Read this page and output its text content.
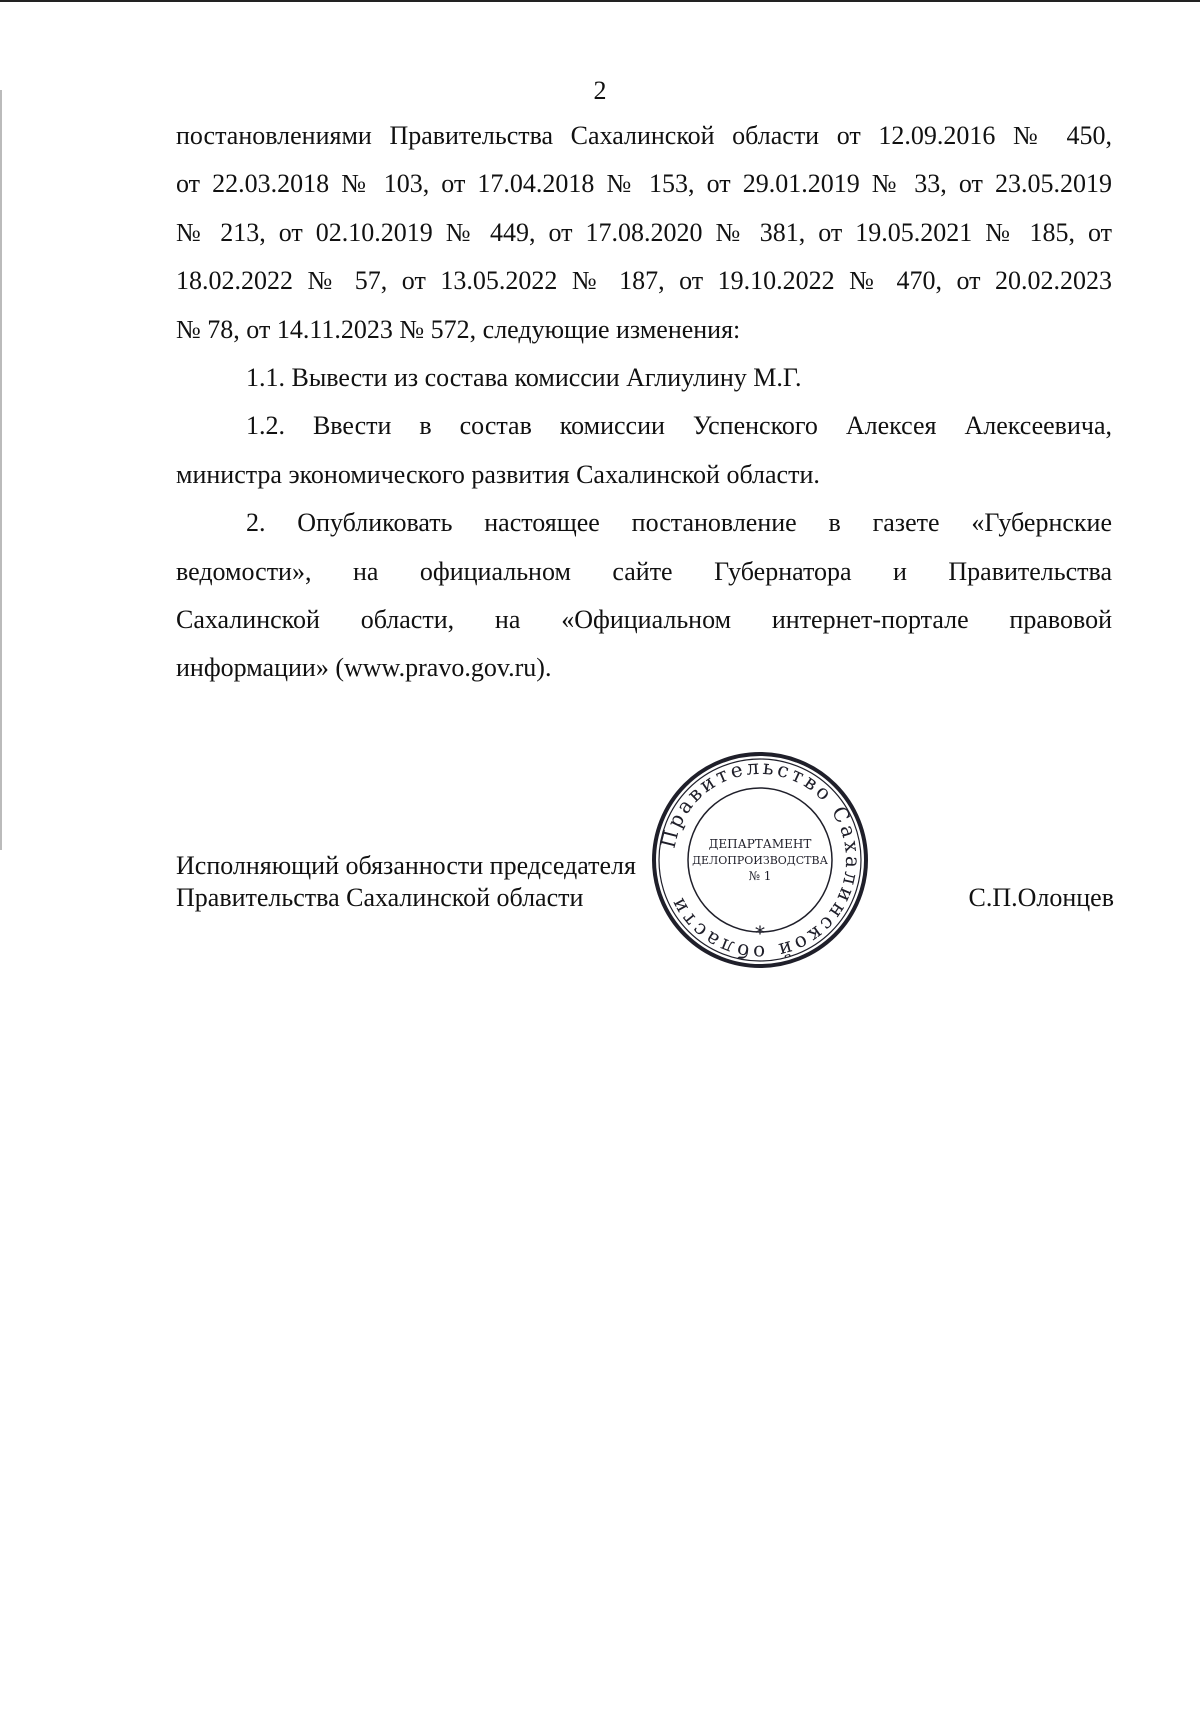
2

постановлениями Правительства Сахалинской области от 12.09.2016 № 450,

от 22.03.2018 № 103, от 17.04.2018 № 153, от 29.01.2019 № 33, от 23.05.2019

№ 213, от 02.10.2019 № 449, от 17.08.2020 № 381, от 19.05.2021 № 185, от

18.02.2022 № 57, от 13.05.2022 № 187, от 19.10.2022 № 470, от 20.02.2023

№ 78, от 14.11.2023 № 572, следующие изменения:

1.1. Вывести из состава комиссии Аглиулину М.Г.

1.2. Ввести в состав комиссии Успенского Алексея Алексеевича,

министра экономического развития Сахалинской области.

2. Опубликовать настоящее постановление в газете «Губернские

ведомости», на официальном сайте Губернатора и Правительства

Сахалинской области, на «Официальном интернет-портале правовой

информации» (www.pravo.gov.ru).

Исполняющий обязанности председателя
Правительства Сахалинской области	С.П.Олонцев
Правительство Сахалинской области
*
ДЕПАРТАМЕНТ
ДЕЛОПРОИЗВОДСТВА
№ 1
